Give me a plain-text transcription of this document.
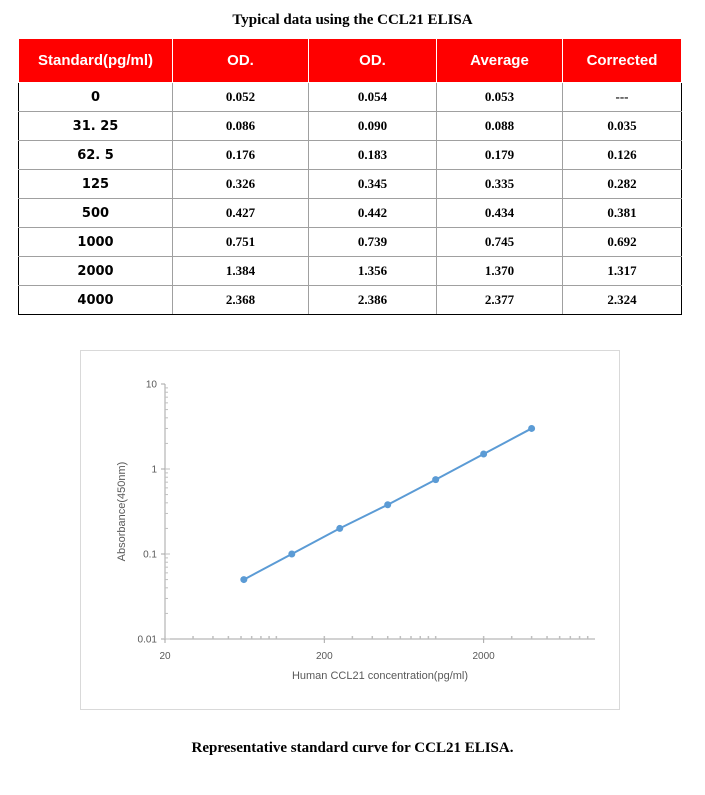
Typical data using the CCL21 ELISA
Standard(pg/ml)	OD.	OD.	Average	Corrected
0	0.052	0.054	0.053	---
31. 25	0.086	0.090	0.088	0.035
62. 5	0.176	0.183	0.179	0.126
125	0.326	0.345	0.335	0.282
500	0.427	0.442	0.434	0.381
1000	0.751	0.739	0.745	0.692
2000	1.384	1.356	1.370	1.317
4000	2.368	2.386	2.377	2.324
0.01
0.1
1
10
20	200	2000
Human CCL21 concentration(pg/ml)
Absorbance(450nm)
Representative standard curve for CCL21 ELISA.
